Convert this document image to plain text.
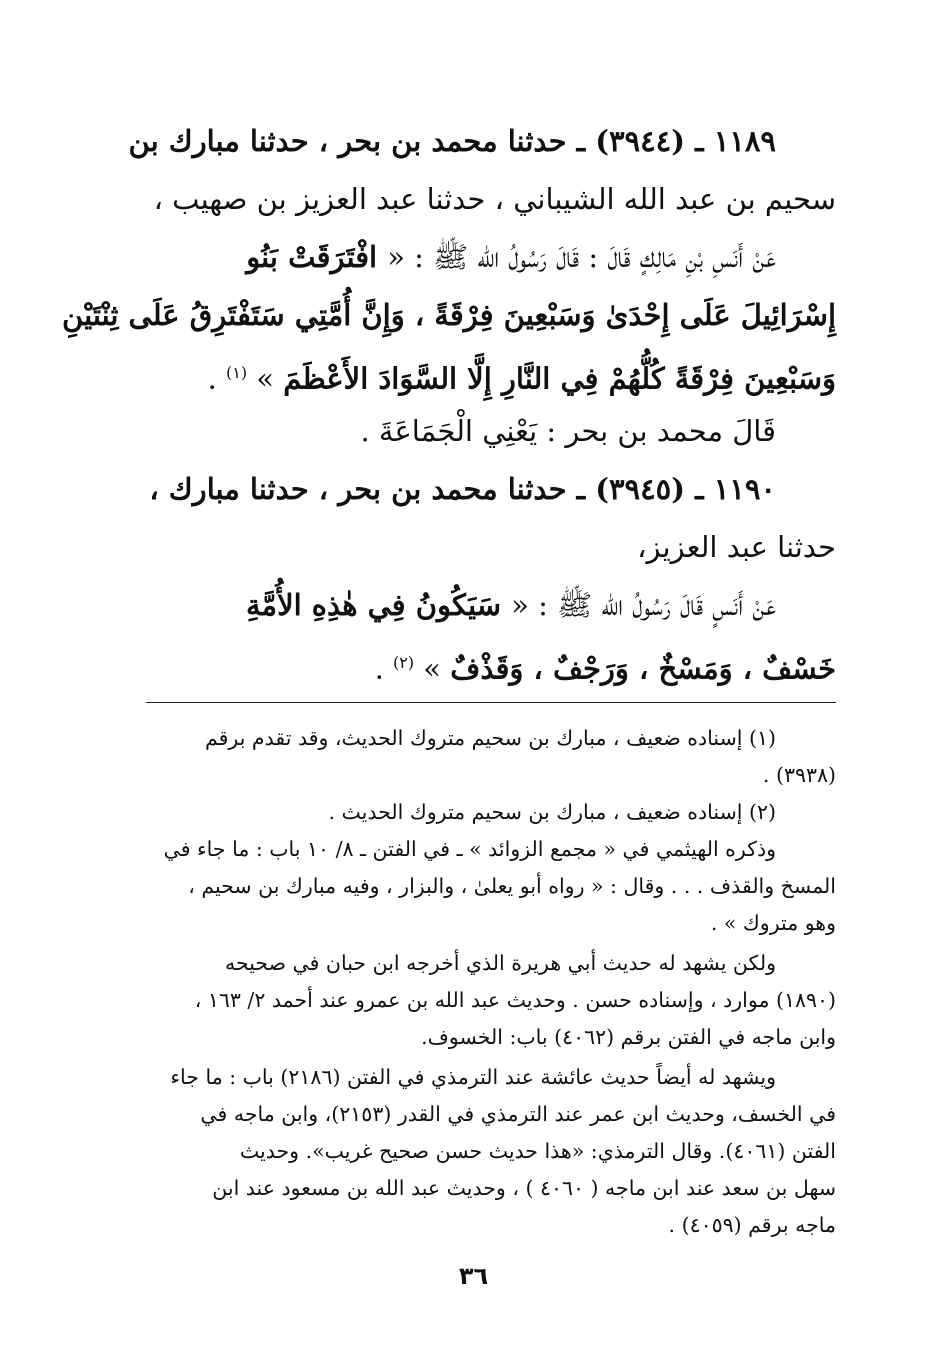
١١٨٩ ـ (٣٩٤٤) ـ حدثنا محمد بن بحر ، حدثنا مبارك بن

سحيم بن عبد الله الشيباني ، حدثنا عبد العزيز بن صهيب ،

عَنْ أَنَسِ بْنِ مَالِكٍ قَالَ : قَالَ رَسُولُ الله ﷺ : « افْتَرَقَتْ بَنُو

إِسْرَائِيلَ عَلَى إِحْدَىٰ وَسَبْعِينَ فِرْقَةً ، وَإِنَّ أُمَّتِي سَتَفْتَرِقُ عَلَى ثِنْتَيْنِ

وَسَبْعِينَ فِرْقَةً كُلُّهُمْ فِي النَّارِ إِلَّا السَّوَادَ الأَعْظَمَ » $^{(١)}$ .

قَالَ محمد بن بحر : يَعْنِي الْجَمَاعَةَ .

١١٩٠ ـ (٣٩٤٥) ـ حدثنا محمد بن بحر ، حدثنا مبارك ،

حدثنا عبد العزيز،

عَنْ أَنَسٍ قَالَ رَسُولُ الله ﷺ : « سَيَكُونُ فِي هٰذِهِ الأُمَّةِ

خَسْفٌ ، وَمَسْخٌ ، وَرَجْفٌ ، وَقَذْفٌ » $^{(٢)}$ .

(١) إسناده ضعيف ، مبارك بن سحيم متروك الحديث، وقد تقدم برقم

(٣٩٣٨) .

(٢) إسناده ضعيف ، مبارك بن سحيم متروك الحديث .

وذكره الهيثمي في « مجمع الزوائد » ـ في الفتن ـ ٨/ ١٠ باب : ما جاء في

المسخ والقذف . . . وقال : « رواه أبو يعلىٰ ، والبزار ، وفيه مبارك بن سحيم ،

وهو متروك » .

ولكن يشهد له حديث أبي هريرة الذي أخرجه ابن حبان في صحيحه

(١٨٩٠) موارد ، وإسناده حسن . وحديث عبد الله بن عمرو عند أحمد ٢/ ١٦٣ ،

وابن ماجه في الفتن برقم (٤٠٦٢) باب: الخسوف.

ويشهد له أيضاً حديث عائشة عند الترمذي في الفتن (٢١٨٦) باب : ما جاء

في الخسف، وحديث ابن عمر عند الترمذي في القدر (٢١٥٣)، وابن ماجه في

الفتن (٤٠٦١). وقال الترمذي: «هذا حديث حسن صحيح غريب». وحديث

سهل بن سعد عند ابن ماجه ( ٤٠٦٠ ) ، وحديث عبد الله بن مسعود عند ابن

ماجه برقم (٤٠٥٩) .

٣٦
